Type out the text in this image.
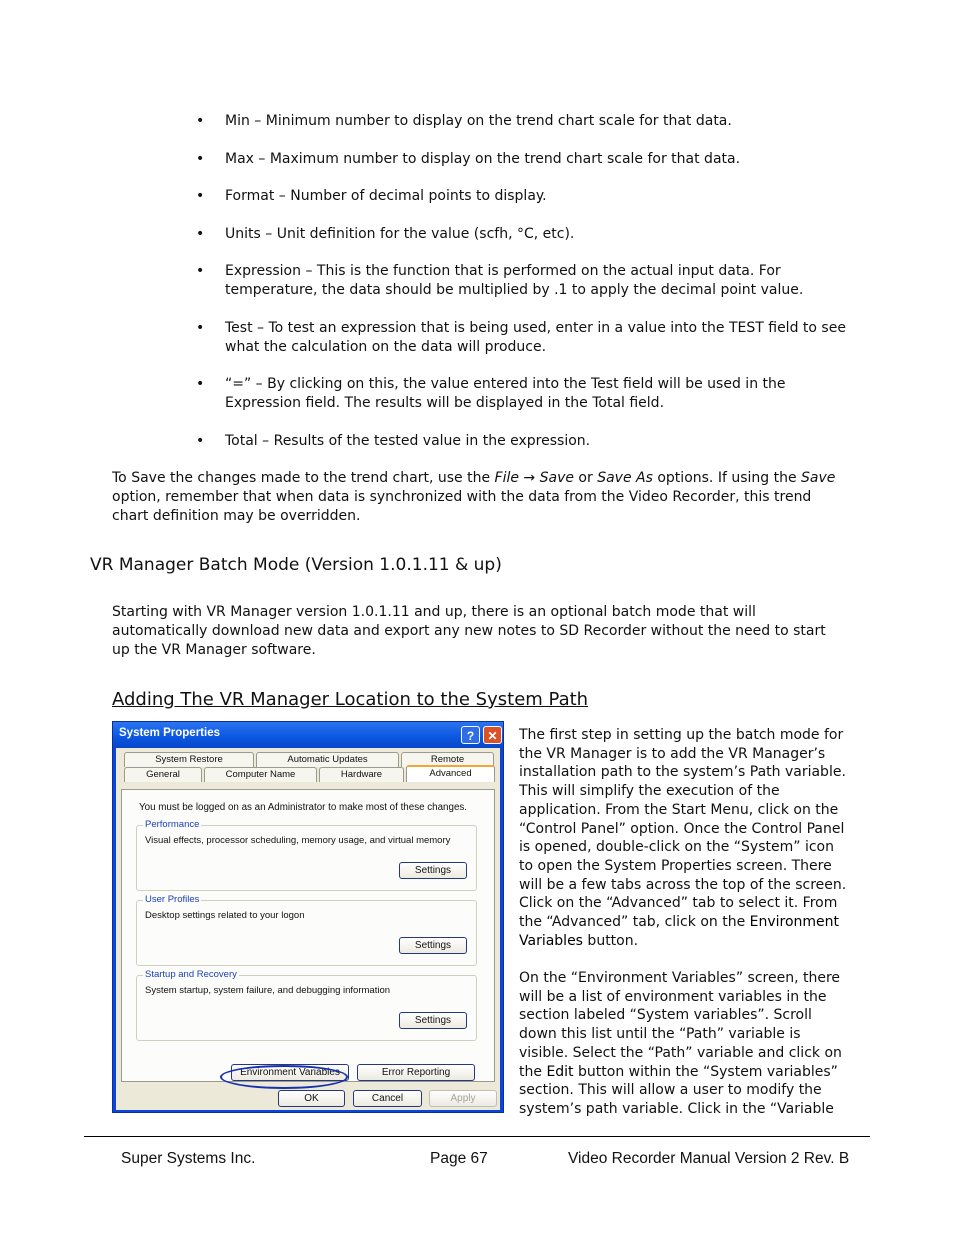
• Min – Minimum number to display on the trend chart scale for that data.
• Max – Maximum number to display on the trend chart scale for that data.
• Format – Number of decimal points to display.
• Units – Unit definition for the value (scfh, °C, etc).
• Expression – This is the function that is performed on the actual input data. For temperature, the data should be multiplied by .1 to apply the decimal point value.
• Test – To test an expression that is being used, enter in a value into the TEST field to see what the calculation on the data will produce.
• “=” – By clicking on this, the value entered into the Test field will be used in the Expression field. The results will be displayed in the Total field.
• Total – Results of the tested value in the expression.

To Save the changes made to the trend chart, use the File → Save or Save As options. If using the Save option, remember that when data is synchronized with the data from the Video Recorder, this trend chart definition may be overridden.

VR Manager Batch Mode (Version 1.0.1.11 & up)

Starting with VR Manager version 1.0.1.11 and up, there is an optional batch mode that will automatically download new data and export any new notes to SD Recorder without the need to start up the VR Manager software.

Adding The VR Manager Location to the System Path
System Properties	?	✕
System Restore	Automatic Updates	Remote
General	Computer Name	Hardware	Advanced
You must be logged on as an Administrator to make most of these changes.
Performance
Visual effects, processor scheduling, memory usage, and virtual memory
Settings
User Profiles
Desktop settings related to your logon
Settings
Startup and Recovery
System startup, system failure, and debugging information
Settings
Environment Variables	Error Reporting
OK	Cancel	Apply

The first step in setting up the batch mode for the VR Manager is to add the VR Manager’s installation path to the system’s Path variable. This will simplify the execution of the application. From the Start Menu, click on the “Control Panel” option. Once the Control Panel is opened, double-click on the “System” icon to open the System Properties screen. There will be a few tabs across the top of the screen. Click on the “Advanced” tab to select it. From the “Advanced” tab, click on the Environment Variables button.

On the “Environment Variables” screen, there will be a list of environment variables in the section labeled “System variables”. Scroll down this list until the “Path” variable is visible. Select the “Path” variable and click on the Edit button within the “System variables” section. This will allow a user to modify the system’s path variable. Click in the “Variable

Super Systems Inc.	Page 67	Video Recorder Manual Version 2 Rev. B
